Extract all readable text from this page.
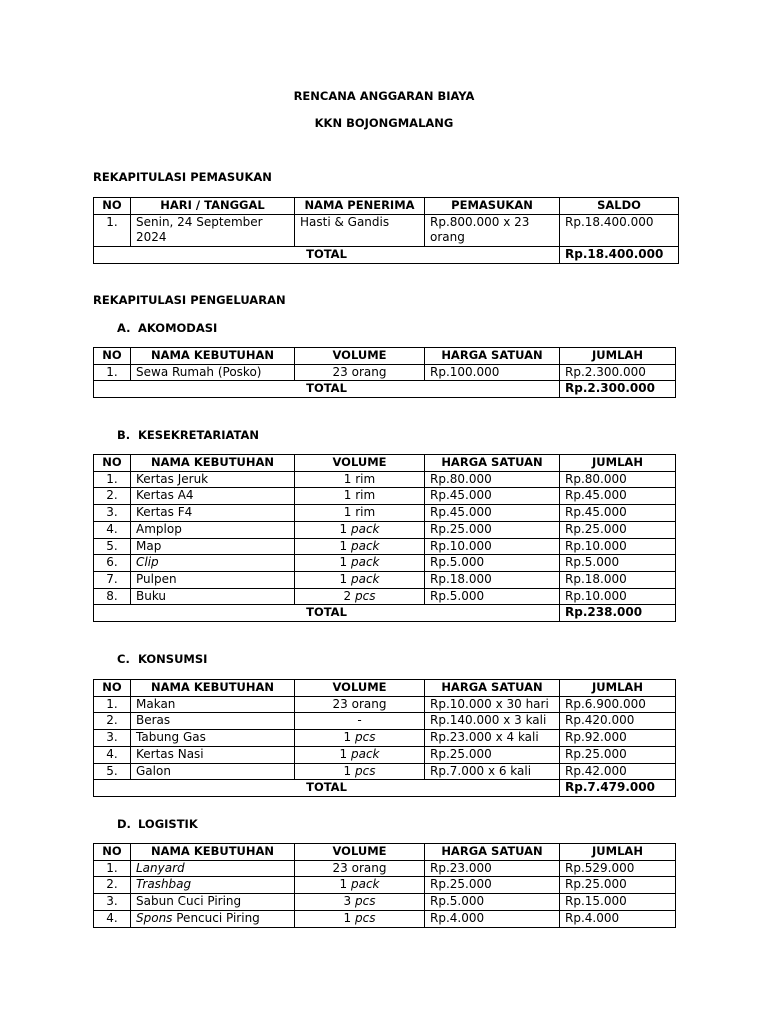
RENCANA ANGGARAN BIAYA
KKN BOJONGMALANG
REKAPITULASI PEMASUKAN
NO	HARI / TANGGAL	NAMA PENERIMA	PEMASUKAN	SALDO
1.	Senin, 24 September 2024	Hasti & Gandis	Rp.800.000 x 23 orang	Rp.18.400.000
TOTAL				Rp.18.400.000
REKAPITULASI PENGELUARAN
A. AKOMODASI
NO	NAMA KEBUTUHAN	VOLUME	HARGA SATUAN	JUMLAH
1.	Sewa Rumah (Posko)	23 orang	Rp.100.000	Rp.2.300.000
TOTAL				Rp.2.300.000
B. KESEKRETARIATAN
NO	NAMA KEBUTUHAN	VOLUME	HARGA SATUAN	JUMLAH
1.	Kertas Jeruk	1 rim	Rp.80.000	Rp.80.000
2.	Kertas A4	1 rim	Rp.45.000	Rp.45.000
3.	Kertas F4	1 rim	Rp.45.000	Rp.45.000
4.	Amplop	1 pack	Rp.25.000	Rp.25.000
5.	Map	1 pack	Rp.10.000	Rp.10.000
6.	Clip	1 pack	Rp.5.000	Rp.5.000
7.	Pulpen	1 pack	Rp.18.000	Rp.18.000
8.	Buku	2 pcs	Rp.5.000	Rp.10.000
TOTAL				Rp.238.000
C. KONSUMSI
NO	NAMA KEBUTUHAN	VOLUME	HARGA SATUAN	JUMLAH
1.	Makan	23 orang	Rp.10.000 x 30 hari	Rp.6.900.000
2.	Beras	-	Rp.140.000 x 3 kali	Rp.420.000
3.	Tabung Gas	1 pcs	Rp.23.000 x 4 kali	Rp.92.000
4.	Kertas Nasi	1 pack	Rp.25.000	Rp.25.000
5.	Galon	1 pcs	Rp.7.000 x 6 kali	Rp.42.000
TOTAL				Rp.7.479.000
D. LOGISTIK
NO	NAMA KEBUTUHAN	VOLUME	HARGA SATUAN	JUMLAH
1.	Lanyard	23 orang	Rp.23.000	Rp.529.000
2.	Trashbag	1 pack	Rp.25.000	Rp.25.000
3.	Sabun Cuci Piring	3 pcs	Rp.5.000	Rp.15.000
4.	Spons Pencuci Piring	1 pcs	Rp.4.000	Rp.4.000
